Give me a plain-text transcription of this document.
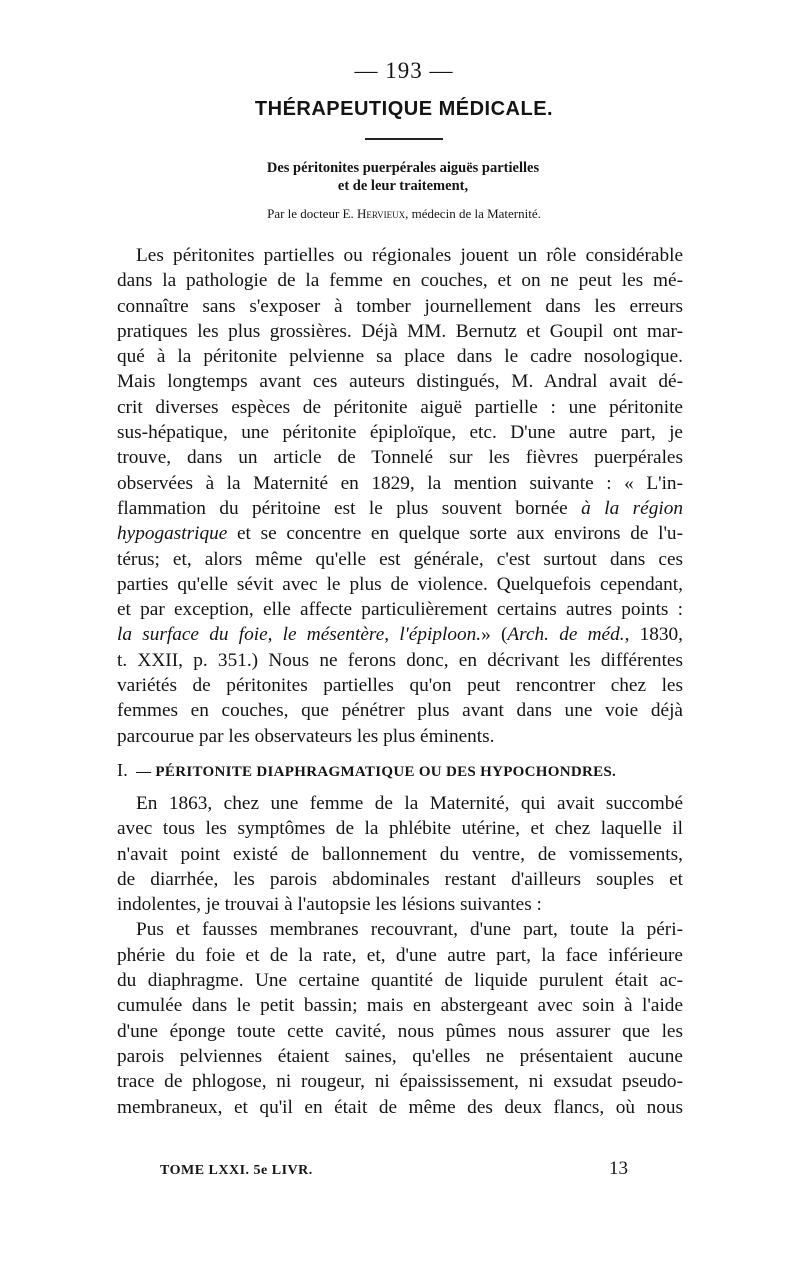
— 193 —
THÉRAPEUTIQUE MÉDICALE.
Des péritonites puerpérales aiguës partielles
et de leur traitement,
Par le docteur E. Hervieux, médecin de la Maternité.
Les péritonites partielles ou régionales jouent un rôle considérable
dans la pathologie de la femme en couches, et on ne peut les mé-
connaître sans s'exposer à tomber journellement dans les erreurs
pratiques les plus grossières. Déjà MM. Bernutz et Goupil ont mar-
qué à la péritonite pelvienne sa place dans le cadre nosologique.
Mais longtemps avant ces auteurs distingués, M. Andral avait dé-
crit diverses espèces de péritonite aiguë partielle : une péritonite
sus-hépatique, une péritonite épiploïque, etc. D'une autre part, je
trouve, dans un article de Tonnelé sur les fièvres puerpérales
observées à la Maternité en 1829, la mention suivante : « L'in-
flammation du péritoine est le plus souvent bornée à la région
hypogastrique et se concentre en quelque sorte aux environs de l'u-
térus; et, alors même qu'elle est générale, c'est surtout dans ces
parties qu'elle sévit avec le plus de violence. Quelquefois cependant,
et par exception, elle affecte particulièrement certains autres points :
la surface du foie, le mésentère, l'épiploon.» (Arch. de méd., 1830,
t. XXII, p. 351.) Nous ne ferons donc, en décrivant les différentes
variétés de péritonites partielles qu'on peut rencontrer chez les
femmes en couches, que pénétrer plus avant dans une voie déjà
parcourue par les observateurs les plus éminents.
I. — PÉRITONITE DIAPHRAGMATIQUE OU DES HYPOCHONDRES.
En 1863, chez une femme de la Maternité, qui avait succombé
avec tous les symptômes de la phlébite utérine, et chez laquelle il
n'avait point existé de ballonnement du ventre, de vomissements,
de diarrhée, les parois abdominales restant d'ailleurs souples et
indolentes, je trouvai à l'autopsie les lésions suivantes :
Pus et fausses membranes recouvrant, d'une part, toute la péri-
phérie du foie et de la rate, et, d'une autre part, la face inférieure
du diaphragme. Une certaine quantité de liquide purulent était ac-
cumulée dans le petit bassin; mais en abstergeant avec soin à l'aide
d'une éponge toute cette cavité, nous pûmes nous assurer que les
parois pelviennes étaient saines, qu'elles ne présentaient aucune
trace de phlogose, ni rougeur, ni épaississement, ni exsudat pseudo-
membraneux, et qu'il en était de même des deux flancs, où nous
TOME LXXI. 5e LIVR.	13
